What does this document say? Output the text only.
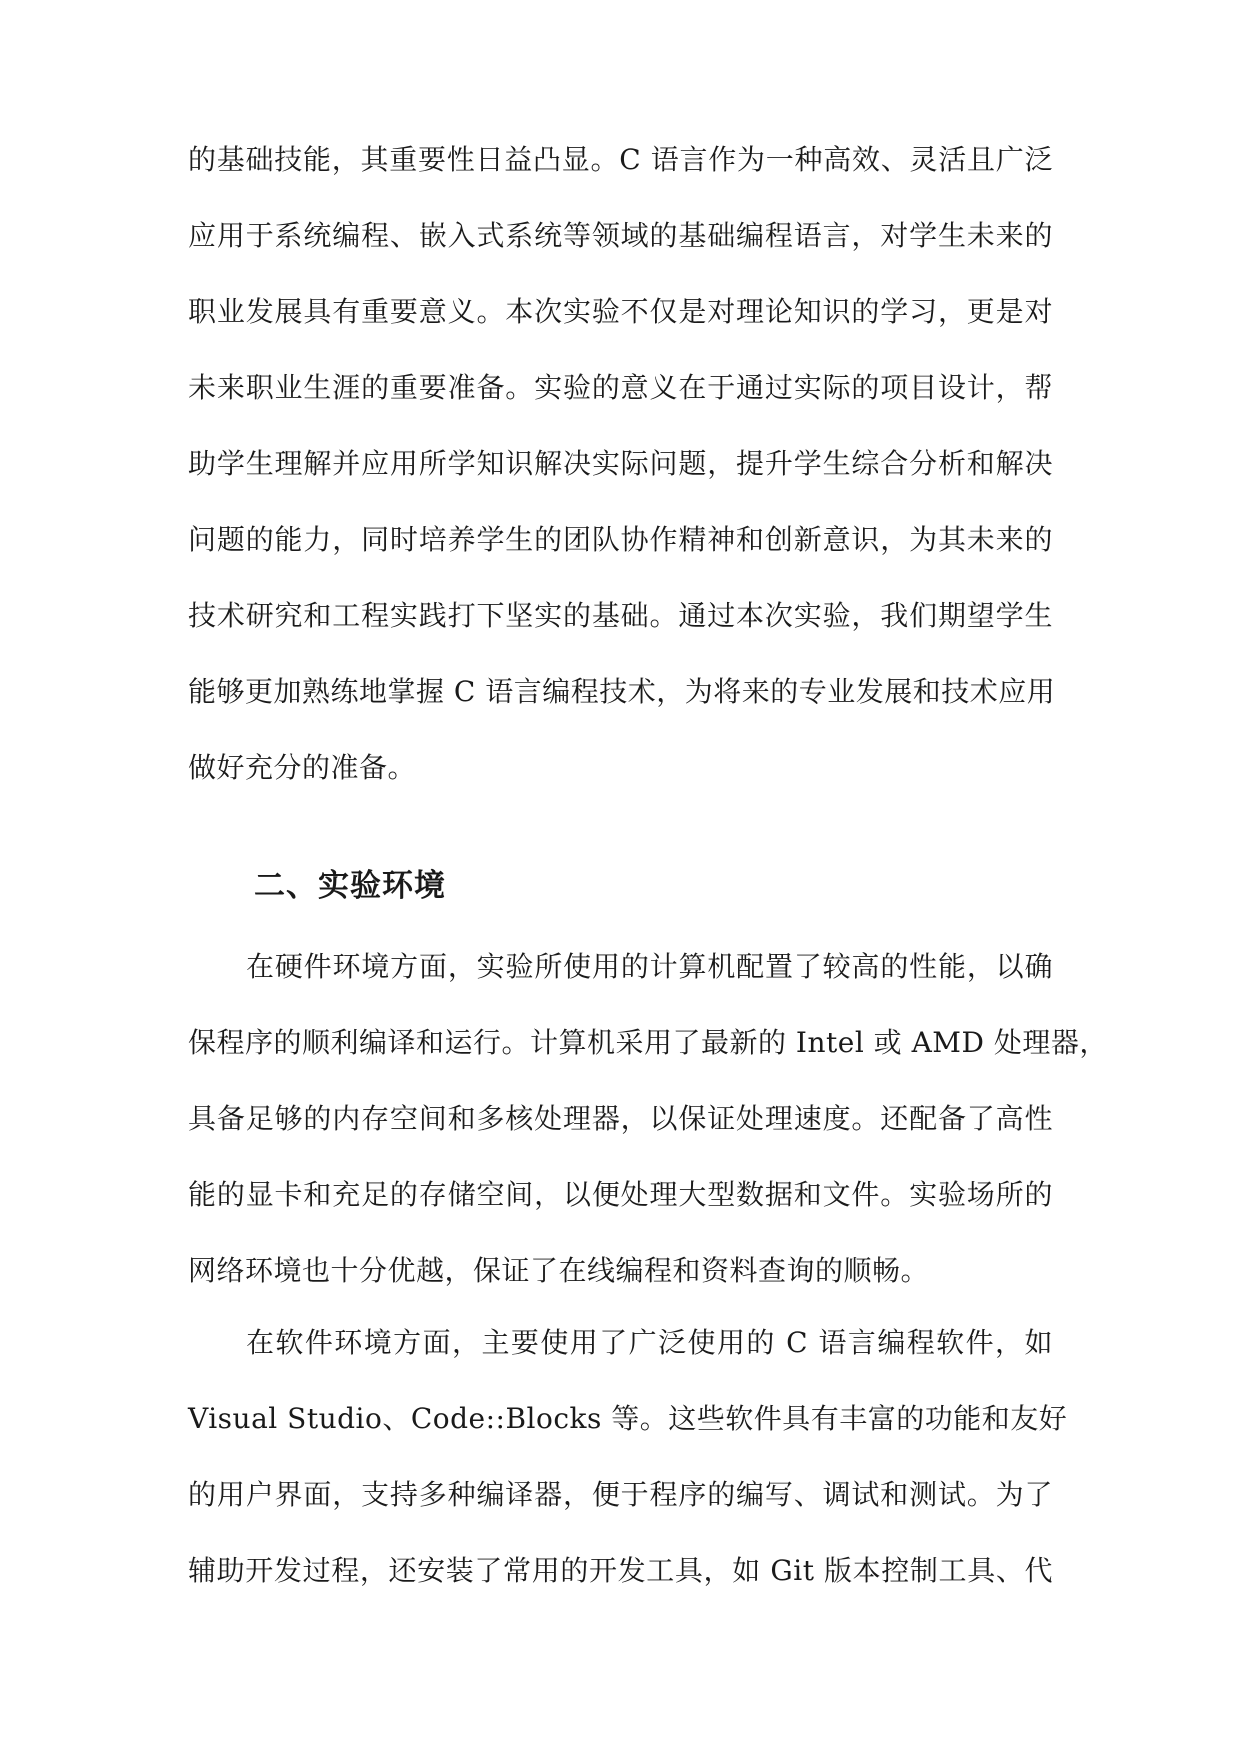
的基础技能，其重要性日益凸显。C 语言作为一种高效、灵活且广泛
应用于系统编程、嵌入式系统等领域的基础编程语言，对学生未来的
职业发展具有重要意义。本次实验不仅是对理论知识的学习，更是对
未来职业生涯的重要准备。实验的意义在于通过实际的项目设计，帮
助学生理解并应用所学知识解决实际问题，提升学生综合分析和解决
问题的能力，同时培养学生的团队协作精神和创新意识，为其未来的
技术研究和工程实践打下坚实的基础。通过本次实验，我们期望学生
能够更加熟练地掌握 C 语言编程技术，为将来的专业发展和技术应用
做好充分的准备。
二、实验环境
在硬件环境方面，实验所使用的计算机配置了较高的性能，以确
保程序的顺利编译和运行。计算机采用了最新的 Intel 或 AMD 处理器，
具备足够的内存空间和多核处理器，以保证处理速度。还配备了高性
能的显卡和充足的存储空间，以便处理大型数据和文件。实验场所的
网络环境也十分优越，保证了在线编程和资料查询的顺畅。
在软件环境方面，主要使用了广泛使用的 C 语言编程软件，如
Visual Studio、Code::Blocks 等。这些软件具有丰富的功能和友好
的用户界面，支持多种编译器，便于程序的编写、调试和测试。为了
辅助开发过程，还安装了常用的开发工具，如 Git 版本控制工具、代
